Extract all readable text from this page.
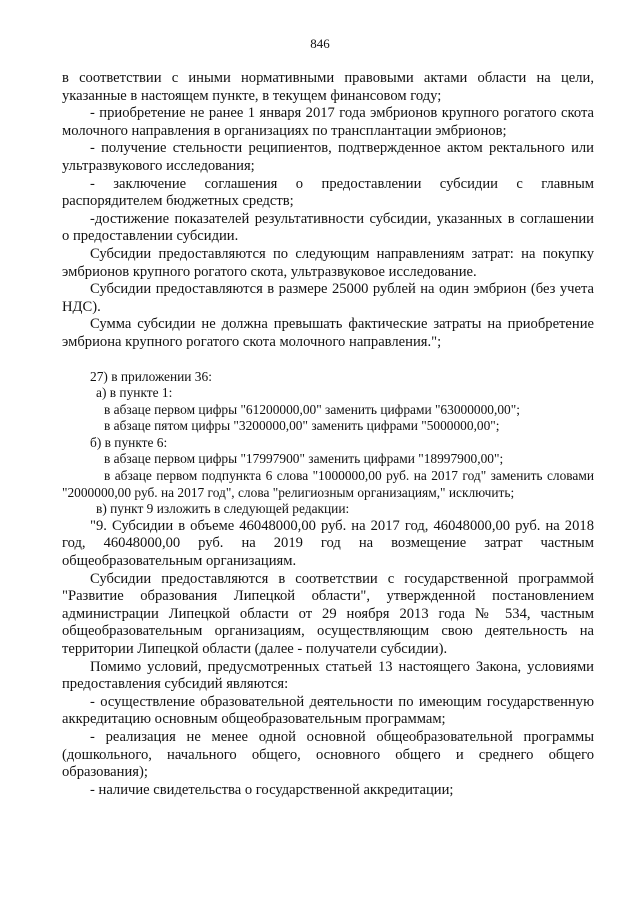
846

в соответствии с иными нормативными правовыми актами области на цели, указанные в настоящем пункте, в текущем финансовом году;

- приобретение не ранее 1 января 2017 года эмбрионов крупного рогатого скота молочного направления в организациях по трансплантации эмбрионов;

- получение стельности реципиентов, подтвержденное актом ректального или ультразвукового исследования;

- заключение соглашения о предоставлении субсидии с главным распорядителем бюджетных средств;

-достижение показателей результативности субсидии, указанных в соглашении о предоставлении субсидии.

Субсидии предоставляются по следующим направлениям затрат: на покупку эмбрионов крупного рогатого скота, ультразвуковое исследование.

Субсидии предоставляются в размере 25000 рублей на один эмбрион (без учета НДС).

Сумма субсидии не должна превышать фактические затраты на приобретение эмбриона крупного рогатого скота молочного направления.";

27) в приложении 36:

а) в пункте 1:

в абзаце первом цифры "61200000,00" заменить цифрами "63000000,00";

в абзаце пятом цифры "3200000,00" заменить цифрами "5000000,00";

б) в пункте 6:

в абзаце первом цифры "17997900" заменить цифрами "18997900,00";

в абзаце первом подпункта 6 слова "1000000,00 руб. на 2017 год" заменить словами "2000000,00 руб. на 2017 год", слова "религиозным организациям," исключить;

в) пункт 9 изложить в следующей редакции:

"9. Субсидии в объеме 46048000,00 руб. на 2017 год, 46048000,00 руб. на 2018 год, 46048000,00 руб. на 2019 год на возмещение затрат частным общеобразовательным организациям.

Субсидии предоставляются в соответствии с государственной программой "Развитие образования Липецкой области", утвержденной постановлением администрации Липецкой области от 29 ноября 2013 года № 534, частным общеобразовательным организациям, осуществляющим свою деятельность на территории Липецкой области (далее - получатели субсидии).

Помимо условий, предусмотренных статьей 13 настоящего Закона, условиями предоставления субсидий являются:

- осуществление образовательной деятельности по имеющим государственную аккредитацию основным общеобразовательным программам;

- реализация не менее одной основной общеобразовательной программы (дошкольного, начального общего, основного общего и среднего общего образования);

- наличие свидетельства о государственной аккредитации;
